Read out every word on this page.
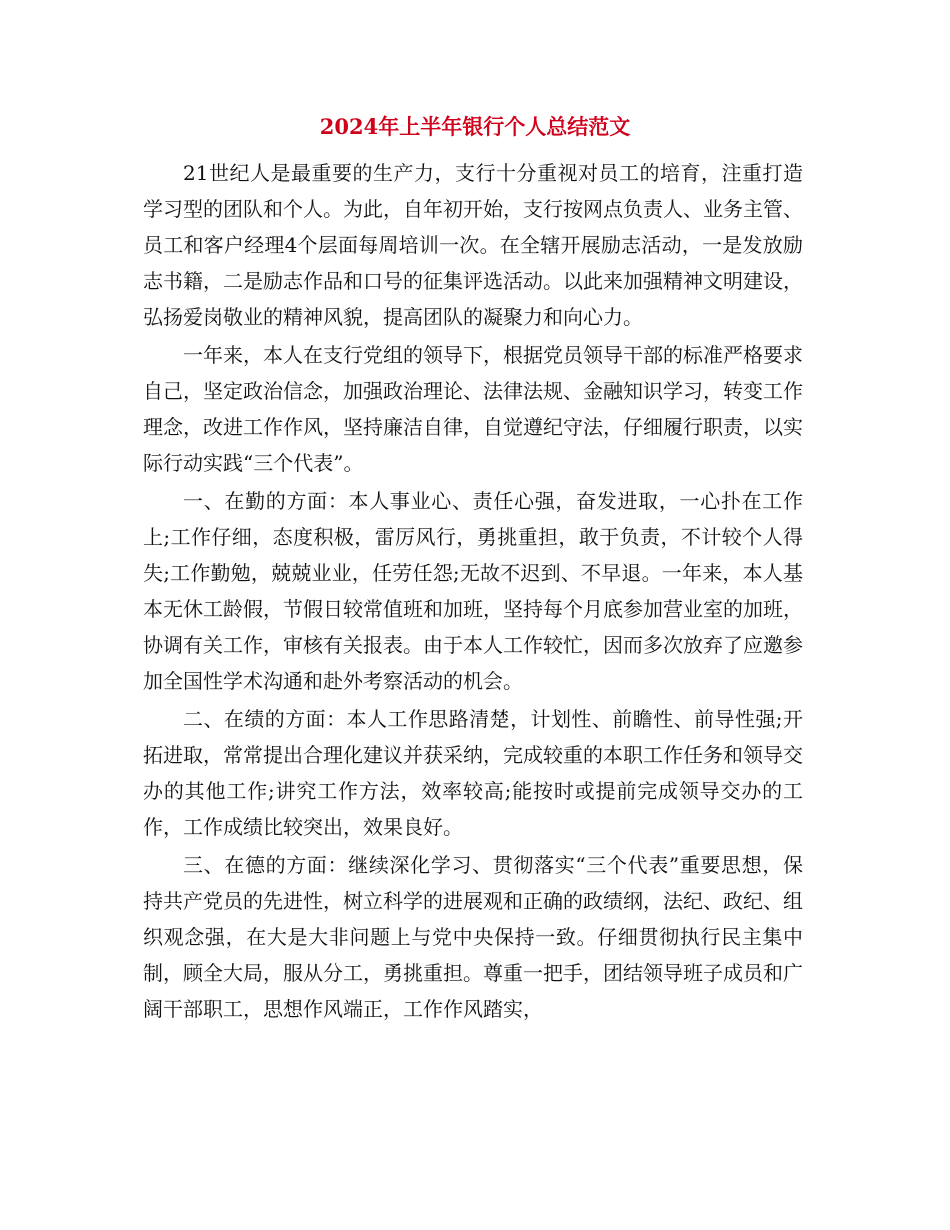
2024年上半年银行个人总结范文

21世纪人是最重要的生产力，支行十分重视对员工的培育，注重打造学习型的团队和个人。为此，自年初开始，支行按网点负责人、业务主管、员工和客户经理4个层面每周培训一次。在全辖开展励志活动，一是发放励志书籍，二是励志作品和口号的征集评选活动。以此来加强精神文明建设，弘扬爱岗敬业的精神风貌，提高团队的凝聚力和向心力。

一年来，本人在支行党组的领导下，根据党员领导干部的标准严格要求自己，坚定政治信念，加强政治理论、法律法规、金融知识学习，转变工作理念，改进工作作风，坚持廉洁自律，自觉遵纪守法，仔细履行职责，以实际行动实践“三个代表”。

一、在勤的方面：本人事业心、责任心强，奋发进取，一心扑在工作上;工作仔细，态度积极，雷厉风行，勇挑重担，敢于负责，不计较个人得失;工作勤勉，兢兢业业，任劳任怨;无故不迟到、不早退。一年来，本人基本无休工龄假，节假日较常值班和加班，坚持每个月底参加营业室的加班，协调有关工作，审核有关报表。由于本人工作较忙，因而多次放弃了应邀参加全国性学术沟通和赴外考察活动的机会。

二、在绩的方面：本人工作思路清楚，计划性、前瞻性、前导性强;开拓进取，常常提出合理化建议并获采纳，完成较重的本职工作任务和领导交办的其他工作;讲究工作方法，效率较高;能按时或提前完成领导交办的工作，工作成绩比较突出，效果良好。

三、在德的方面：继续深化学习、贯彻落实“三个代表”重要思想，保持共产党员的先进性，树立科学的进展观和正确的政绩纲，法纪、政纪、组织观念强，在大是大非问题上与党中央保持一致。仔细贯彻执行民主集中制，顾全大局，服从分工，勇挑重担。尊重一把手，团结领导班子成员和广阔干部职工，思想作风端正，工作作风踏实，
